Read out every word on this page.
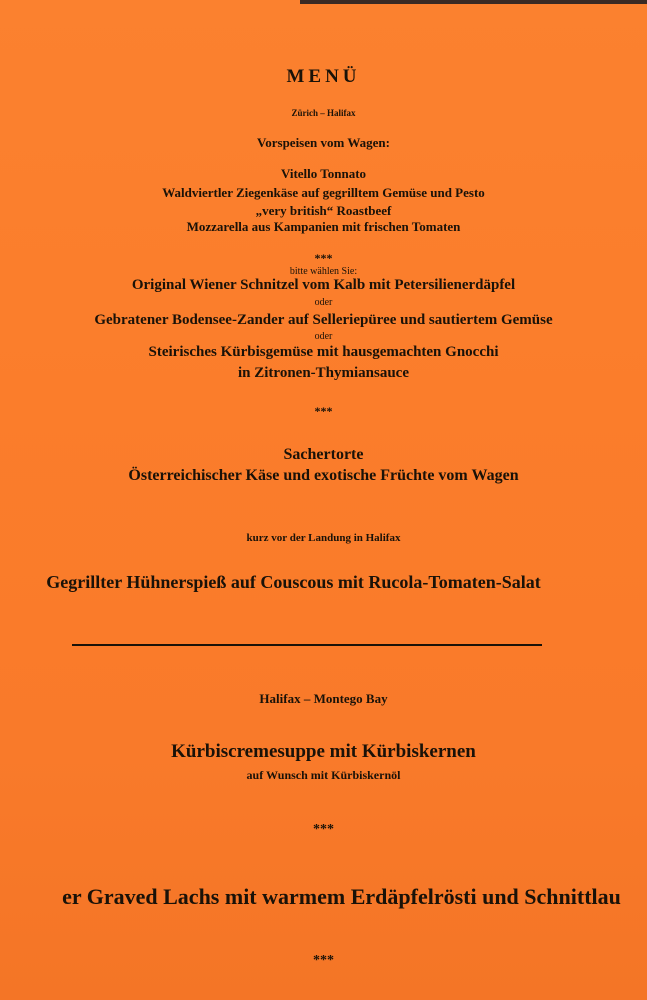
MENÜ
Zürich – Halifax
Vorspeisen vom Wagen:
Vitello Tonnato
Waldviertler Ziegenkäse auf gegrilltem Gemüse und Pesto
„very british“ Roastbeef
Mozzarella aus Kampanien mit frischen Tomaten
***
bitte wählen Sie:
Original Wiener Schnitzel vom Kalb mit Petersilienerdäpfel
oder
Gebratener Bodensee-Zander auf Selleriepüree und sautiertem Gemüse
oder
Steirisches Kürbisgemüse mit hausgemachten Gnocchi
in Zitronen-Thymiansauce
***
Sachertorte
Österreichischer Käse und exotische Früchte vom Wagen
kurz vor der Landung in Halifax
Gegrillter Hühnerspieß auf Couscous mit Rucola-Tomaten-Salat
Halifax – Montego Bay
Kürbiscremesuppe mit Kürbiskernen
auf Wunsch mit Kürbiskernöl
***
er Graved Lachs mit warmem Erdäpfelrösti und Schnittlau
***
